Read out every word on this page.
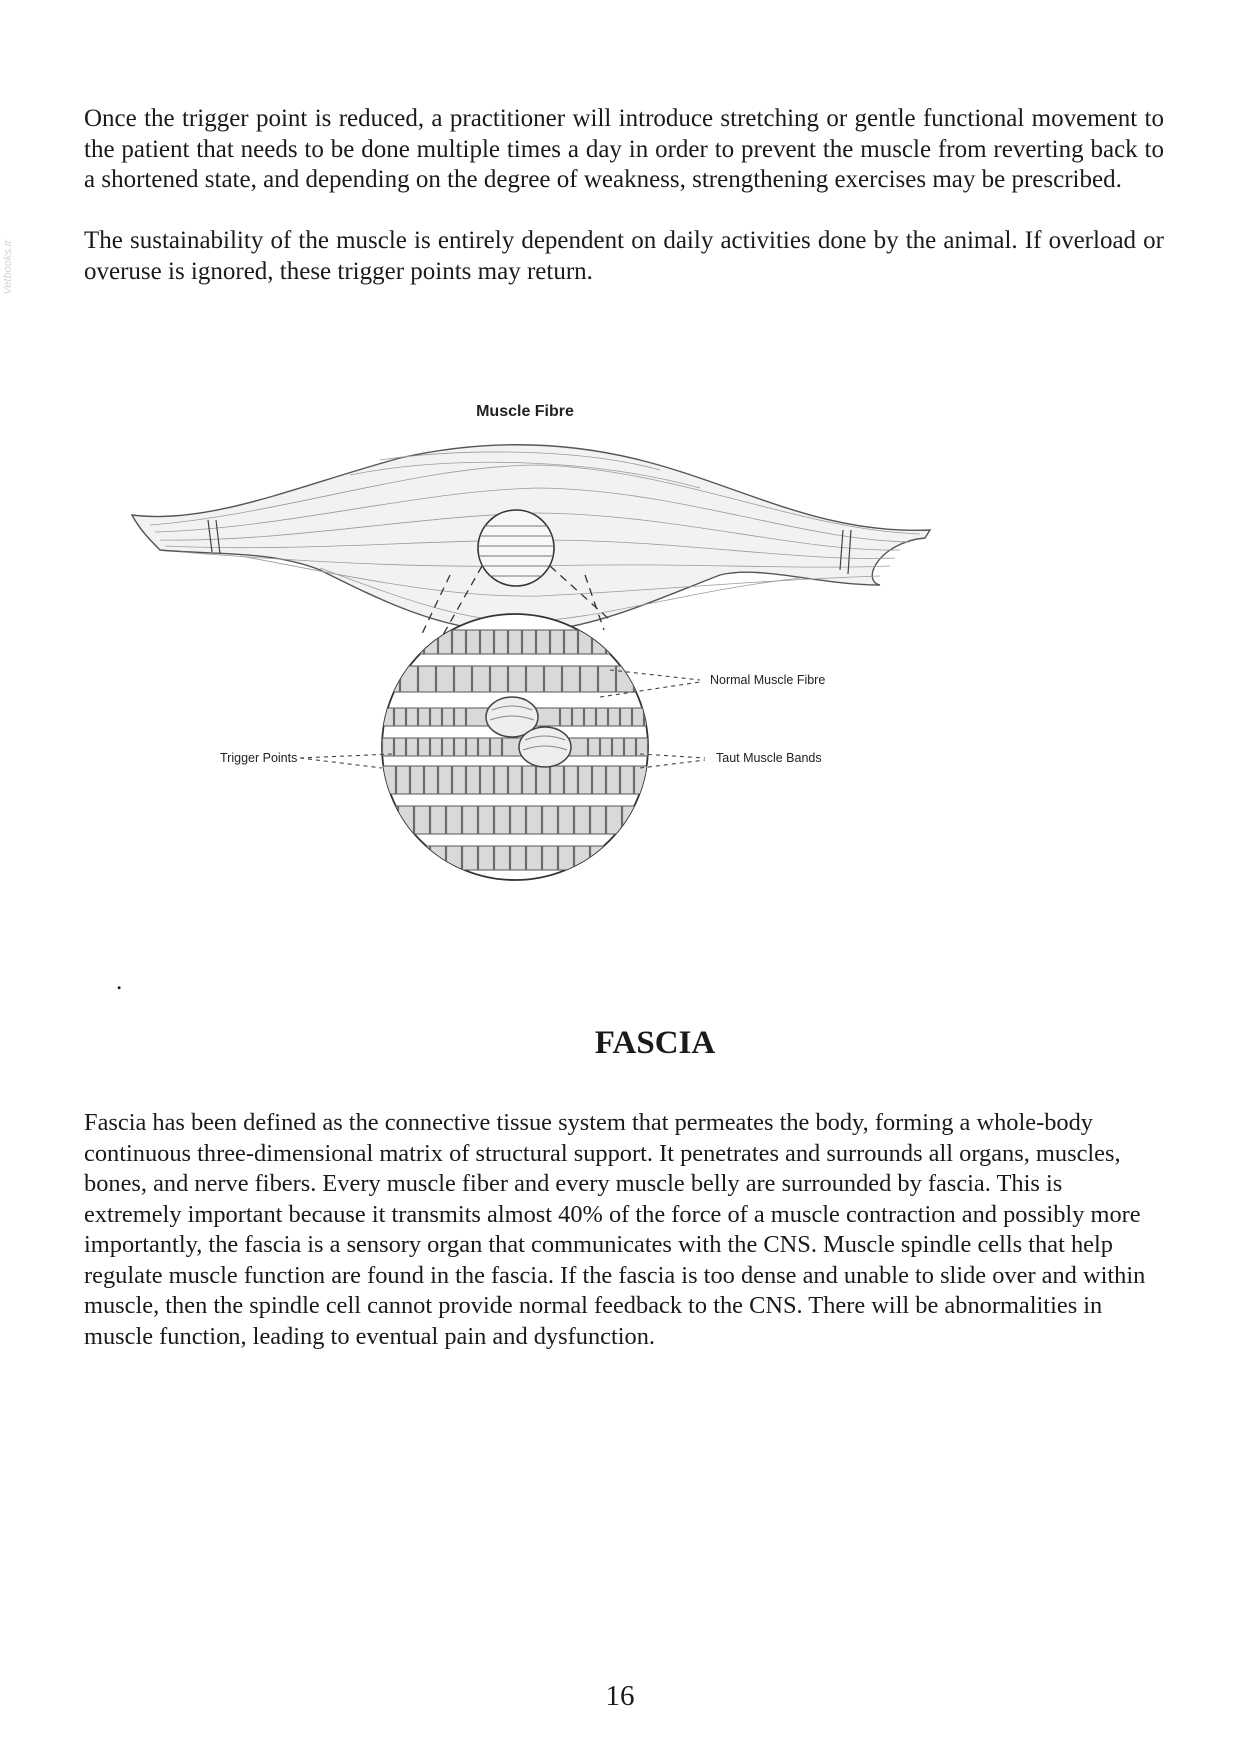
Vetbooks.ir

Once the trigger point is reduced, a practitioner will introduce stretching or gentle functional movement to the patient that needs to be done multiple times a day in order to prevent the muscle from reverting back to a shortened state, and depending on the degree of weakness, strengthening exercises may be prescribed.

The sustainability of the muscle is entirely dependent on daily activities done by the animal. If overload or overuse is ignored, these trigger points may return.

Muscle Fibre
Normal Muscle Fibre
Trigger Points	Taut Muscle Bands
.
FASCIA

Fascia has been defined as the connective tissue system that permeates the body, forming a whole-body continuous three-dimensional matrix of structural support. It penetrates and surrounds all organs, muscles, bones, and nerve fibers. Every muscle fiber and every muscle belly are surrounded by fascia. This is extremely important because it transmits almost 40% of the force of a muscle contraction and possibly more importantly, the fascia is a sensory organ that communicates with the CNS. Muscle spindle cells that help regulate muscle function are found in the fascia. If the fascia is too dense and unable to slide over and within muscle, then the spindle cell cannot provide normal feedback to the CNS. There will be abnormalities in muscle function, leading to eventual pain and dysfunction.

16
